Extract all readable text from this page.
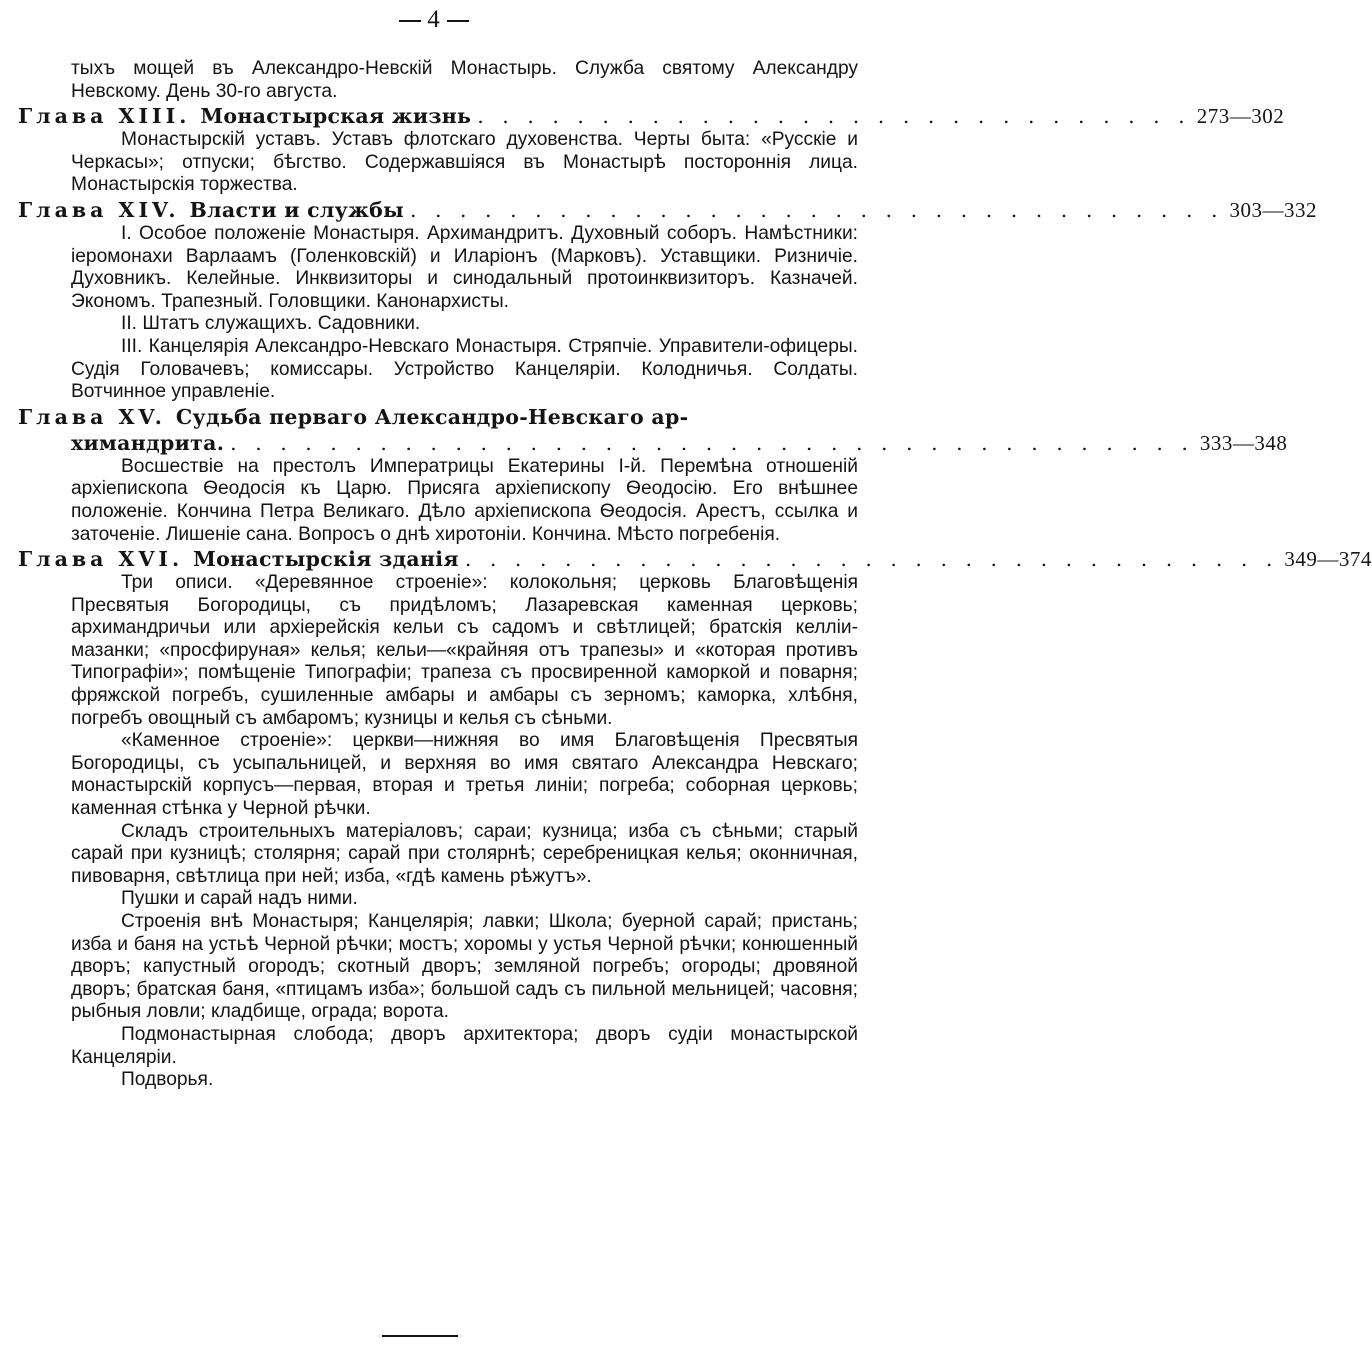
4

тыхъ мощей въ Александро-Невскій Монастырь. Служба святому Александру Невскому. День 30-го августа.

Глава XIII. Монастырская жизнь . . . . . . . . . . . . . . . . . . . . . . . . . . . . . 273—302

Монастырскій уставъ. Уставъ флотскаго духовенства. Черты быта: «Русскіе и Черкасы»; отпуски; бѣгство. Содержавшіяся въ Монастырѣ постороннія лица. Монастырскія торжества.

Глава XIV. Власти и службы . . . . . . . . . . . . . . . . . . . . . . . . . . . . . . . . . 303—332

I. Особое положеніе Монастыря. Архимандритъ. Духовный соборъ. Намѣстники: іеромонахи Варлаамъ (Голенковскій) и Иларіонъ (Марковъ). Уставщики. Ризничіе. Духовникъ. Келейные. Инквизиторы и синодальный протоинквизиторъ. Казначей. Экономъ. Трапезный. Головщики. Канонархисты.

II. Штатъ служащихъ. Садовники.

III. Канцелярія Александро-Невскаго Монастыря. Стряпчіе. Управители-офицеры. Судія Головачевъ; комиссары. Устройство Канцеляріи. Колодничья. Солдаты. Вотчинное управленіе.

Глава XV. Судьба перваго Александро-Невскаго ар-
химандрита. . . . . . . . . . . . . . . . . . . . . . . . . . . . . . . . . . . . . . . . 333—348

Восшествіе на престолъ Императрицы Екатерины I-й. Перемѣна отношеній архіепископа Ѳеодосія къ Царю. Присяга архіепископу Ѳеодосію. Его внѣшнее положеніе. Кончина Петра Великаго. Дѣло архіепископа Ѳеодосія. Арестъ, ссылка и заточеніе. Лишеніе сана. Вопросъ о днѣ хиротоніи. Кончина. Мѣсто погребенія.

Глава XVI. Монастырскія зданія . . . . . . . . . . . . . . . . . . . . . . . . . . . . . . . . . 349—374

Три описи. «Деревянное строеніе»: колокольня; церковь Благовѣщенія Пресвятыя Богородицы, съ придѣломъ; Лазаревская каменная церковь; архимандричьи или архіерейскія кельи съ садомъ и свѣтлицей; братскія келліи-мазанки; «просфирyная» келья; кельи—«крайняя отъ трапезы» и «которая противъ Типографіи»; помѣщеніе Типографіи; трапеза съ просвиренной каморкой и поварня; фряжской погребъ, сушиленные амбары и амбары съ зерномъ; каморка, хлѣбня, погребъ овощный съ амбаромъ; кузницы и келья съ сѣньми.

«Каменное строеніе»: церкви—нижняя во имя Благовѣщенія Пресвятыя Богородицы, съ усыпальницей, и верхняя во имя святаго Александра Невскаго; монастырскій корпусъ—первая, вторая и третья линіи; погреба; соборная церковь; каменная стѣнка у Черной рѣчки.

Складъ строительныхъ матеріаловъ; сараи; кузница; изба съ сѣньми; старый сарай при кузницѣ; столярня; сарай при столярнѣ; серебреницкая келья; оконничная, пивоварня, свѣтлица при ней; изба, «гдѣ камень рѣжутъ».

Пушки и сарай надъ ними.

Строенія внѣ Монастыря; Канцелярія; лавки; Школа; буерной сарай; пристань; изба и баня на устьѣ Черной рѣчки; мостъ; хоромы у устья Черной рѣчки; конюшенный дворъ; капустный огородъ; скотный дворъ; земляной погребъ; огороды; дровяной дворъ; братская баня, «птицамъ изба»; большой садъ съ пильной мельницей; часовня; рыбныя ловли; кладбище, ограда; ворота.

Подмонастырная слобода; дворъ архитектора; дворъ судіи монастырской Канцеляріи.

Подворья.
